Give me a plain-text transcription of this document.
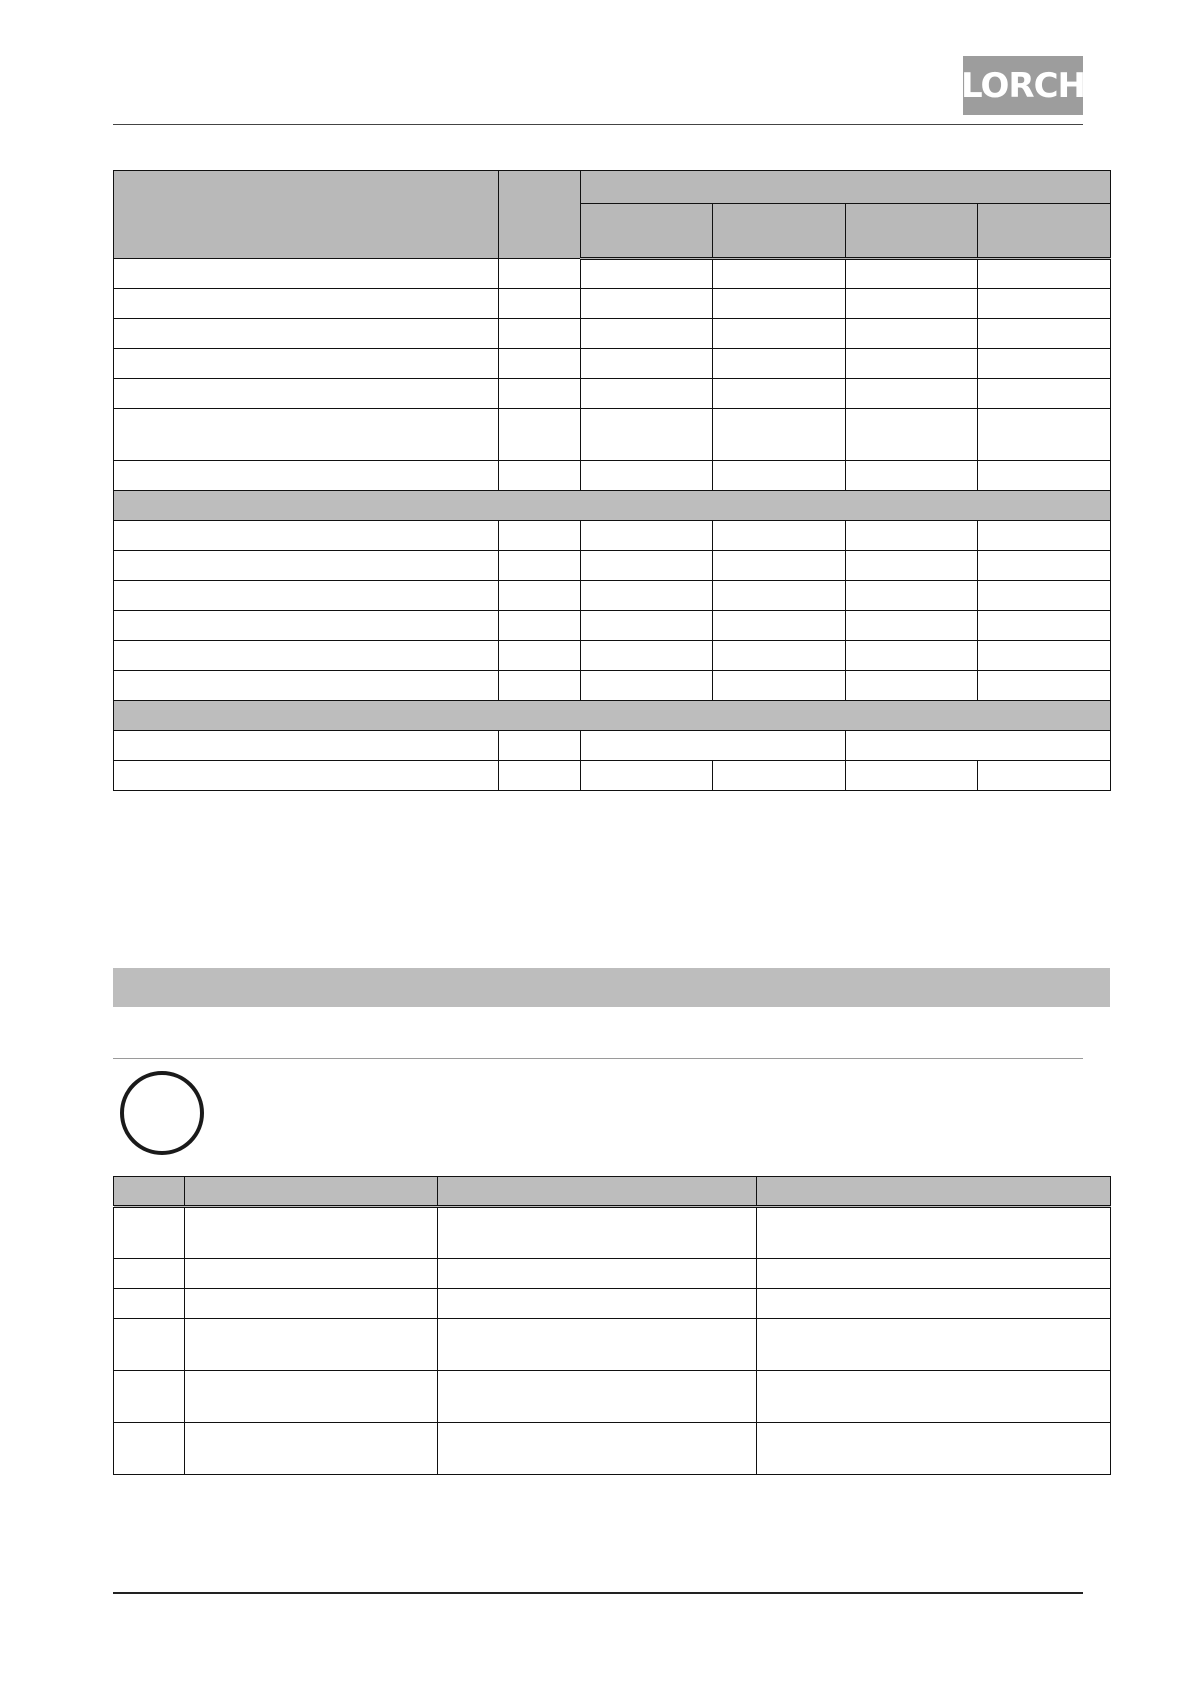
LORCH
